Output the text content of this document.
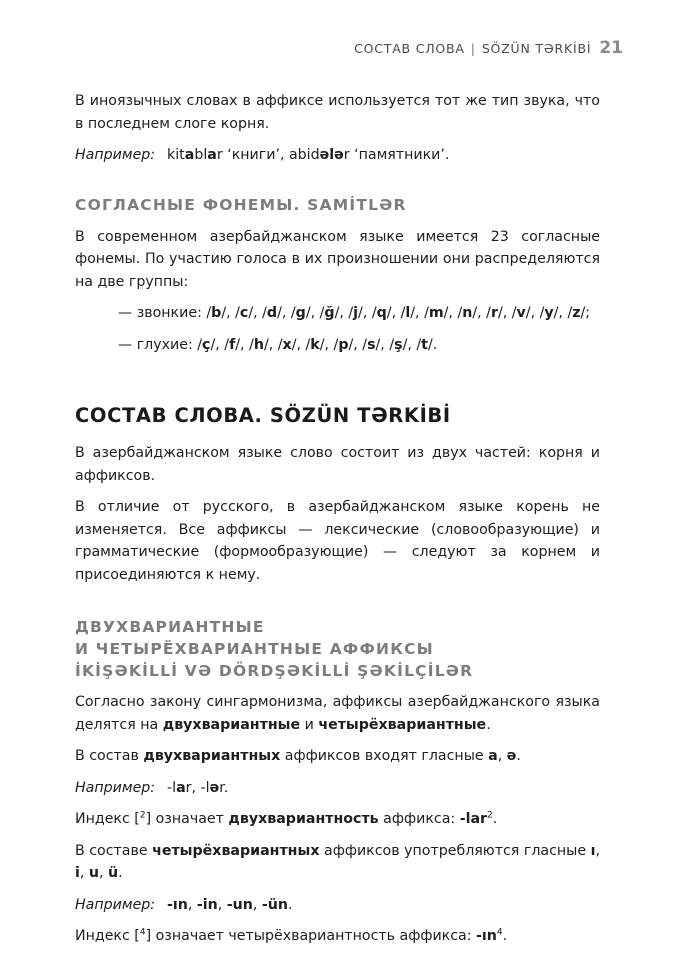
СОСТАВ СЛОВА | SÖZÜN TƏRKİBİ 21

В иноязычных словах в аффиксе используется тот же тип звука, что в последнем слоге корня.

Например: kitablar ‘книги’, abidələr ‘памятники’.

СОГЛАСНЫЕ ФОНЕМЫ. SAMİTLƏR

В современном азербайджанском языке имеется 23 согласные фонемы. По участию голоса в их произношении они распределяются на две группы:

— звонкие: /b/, /c/, /d/, /g/, /ğ/, /j/, /q/, /l/, /m/, /n/, /r/, /v/, /y/, /z/;

— глухие: /ç/, /f/, /h/, /x/, /k/, /p/, /s/, /ş/, /t/.

СОСТАВ СЛОВА. SÖZÜN TƏRKİBİ

В азербайджанском языке слово состоит из двух частей: корня и аффиксов.

В отличие от русского, в азербайджанском языке корень не изменяется. Все аффиксы — лексические (словообразующие) и грамматические (формообразующие) — следуют за корнем и присоединяются к нему.

ДВУХВАРИАНТНЫЕ
И ЧЕТЫРЁХВАРИАНТНЫЕ АФФИКСЫ
İKİŞƏKİLLİ VƏ DÖRDŞƏKİLLİ ŞƏKİLÇİLƏR

Согласно закону сингармонизма, аффиксы азербайджанского языка делятся на двухвариантные и четырёхвариантные.

В состав двухвариантных аффиксов входят гласные a, ə.

Например: -lar, -lər.

Индекс [$^2$] означает двухвариантность аффикса: -lar$^2$.

В составе четырёхвариантных аффиксов употребляются гласные ı, i, u, ü.

Например: -ın, -in, -un, -ün.

Индекс [$^4$] означает четырёхвариантность аффикса: $-ın^4$.
